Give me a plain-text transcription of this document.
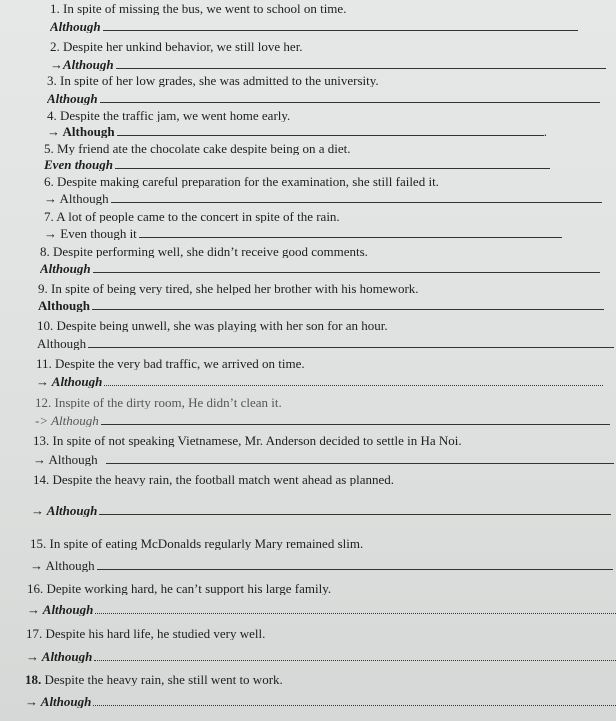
1. In spite of missing the bus, we went to school on time.
Although
2. Despite her unkind behavior, we still love her.
→Although
3. In spite of her low grades, she was admitted to the university.
Although
4. Despite the traffic jam, we went home early.
→ Although	.
5. My friend ate the chocolate cake despite being on a diet.
Even though
6. Despite making careful preparation for the examination, she still failed it.
→ Although
7. A lot of people came to the concert in spite of the rain.
→ Even though it
8. Despite performing well, she didn’t receive good comments.
Although
9. In spite of being very tired, she helped her brother with his homework.
Although
10. Despite being unwell, she was playing with her son for an hour.
Although
11. Despite the very bad traffic, we arrived on time.
→ Although
12. Inspite of the dirty room, He didn’t clean it.
-> Although
13. In spite of not speaking Vietnamese, Mr. Anderson decided to settle in Ha Noi.
→ Although
14. Despite the heavy rain, the football match went ahead as planned.
→ Although
15. In spite of eating McDonalds regularly Mary remained slim.
→ Although
16. Depite working hard, he can’t support his large family.
→ Although
17. Despite his hard life, he studied very well.
→ Although
18. Despite the heavy rain, she still went to work.
→ Although
